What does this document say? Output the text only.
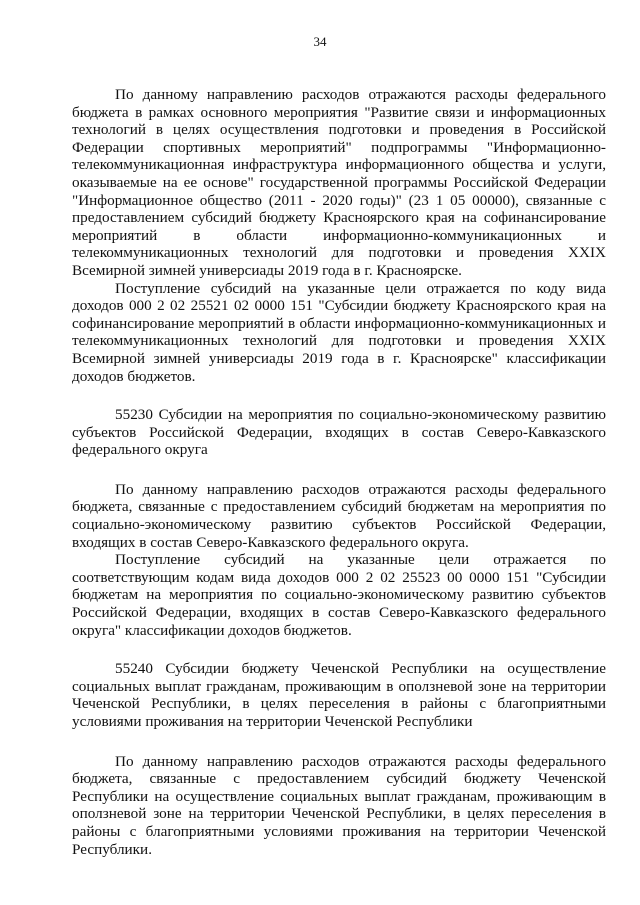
34

По данному направлению расходов отражаются расходы федерального бюджета в рамках основного мероприятия "Развитие связи и информационных технологий в целях осуществления подготовки и проведения в Российской Федерации спортивных мероприятий" подпрограммы "Информационно-телекоммуникационная инфраструктура информационного общества и услуги, оказываемые на ее основе" государственной программы Российской Федерации "Информационное общество (2011 - 2020 годы)" (23 1 05 00000), связанные с предоставлением субсидий бюджету Красноярского края на софинансирование мероприятий в области информационно-коммуникационных и телекоммуникационных технологий для подготовки и проведения XXIX Всемирной зимней универсиады 2019 года в г. Красноярске.

Поступление субсидий на указанные цели отражается по коду вида доходов 000 2 02 25521 02 0000 151 "Субсидии бюджету Красноярского края на софинансирование мероприятий в области информационно-коммуникационных и телекоммуникационных технологий для подготовки и проведения XXIX Всемирной зимней универсиады 2019 года в г. Красноярске" классификации доходов бюджетов.

55230 Субсидии на мероприятия по социально-экономическому развитию субъектов Российской Федерации, входящих в состав Северо-Кавказского федерального округа

По данному направлению расходов отражаются расходы федерального бюджета, связанные с предоставлением субсидий бюджетам на мероприятия по социально-экономическому развитию субъектов Российской Федерации, входящих в состав Северо-Кавказского федерального округа.

Поступление субсидий на указанные цели отражается по соответствующим кодам вида доходов 000 2 02 25523 00 0000 151 "Субсидии бюджетам на мероприятия по социально-экономическому развитию субъектов Российской Федерации, входящих в состав Северо-Кавказского федерального округа" классификации доходов бюджетов.

55240 Субсидии бюджету Чеченской Республики на осуществление социальных выплат гражданам, проживающим в оползневой зоне на территории Чеченской Республики, в целях переселения в районы с благоприятными условиями проживания на территории Чеченской Республики

По данному направлению расходов отражаются расходы федерального бюджета, связанные с предоставлением субсидий бюджету Чеченской Республики на осуществление социальных выплат гражданам, проживающим в оползневой зоне на территории Чеченской Республики, в целях переселения в районы с благоприятными условиями проживания на территории Чеченской Республики.
